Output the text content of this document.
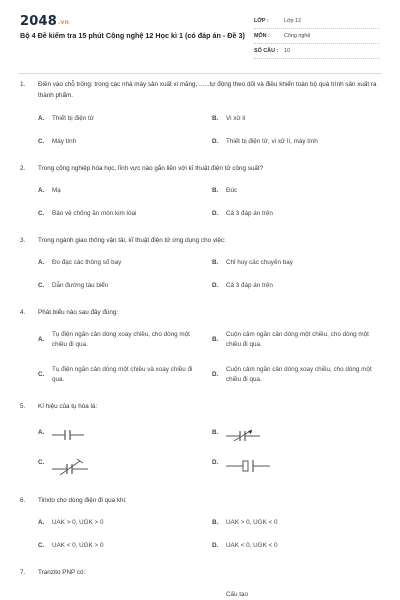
2048.vn
Bộ 4 Đề kiểm tra 15 phút Công nghệ 12 Học kì 1 (có đáp án - Đề 3)
LỚP :	Lớp 12
MÔN :	Công nghệ
SỐ CÂU :	10
1.	Điền vào chỗ trống: trong các nhà máy sản xuất xi măng, ......tự động theo dõi và điều khiển toàn bộ quá trình sản xuất ra thành phẩm.
A.	Thiết bị điện tử	B.	Vi xử lí
C.	Máy tính	D.	Thiết bị điện tử, vi xử lí, máy tính
2.	Trong công nghiệp hóa học, lĩnh vực nào gắn liền với kĩ thuật điện tử công suất?
A.	Mạ	B.	Đúc
C.	Bảo vệ chống ăn mòn kim loại	D.	Cả 3 đáp án trên
3.	Trong ngành giao thông vận tải, kĩ thuật điện tử ứng dụng cho việc:
A.	Đo đạc các thông số bay	B.	Chỉ huy các chuyến bay
C.	Dẫn đường tàu biển	D.	Cả 3 đáp án trên
4.	Phát biểu nào sau đây đúng:
A.
Tụ điện ngăn cản dòng xoay chiều, cho dòng một chiều đi qua.
B.
Cuộn cảm ngăn cản dòng một chiều, cho dòng một chiều đi qua.
C.
Tụ điện ngăn cản dòng một chiều và xoay chiều đi qua.
D.
Cuộn cảm ngăn cản dòng xoay chiều, cho dòng một chiều đi qua.
5.	Kí hiệu của tụ hóa là:
A.	B.
C.	D.
6.	Tirixto cho dòng điện đi qua khi:
A.	UAK > 0, UGK > 0	B.	UAK > 0, UGK < 0
C.	UAK < 0, UGK > 0	D.	UAK < 0, UGK < 0
7.	Tranzito PNP có:
Cấu tạo
